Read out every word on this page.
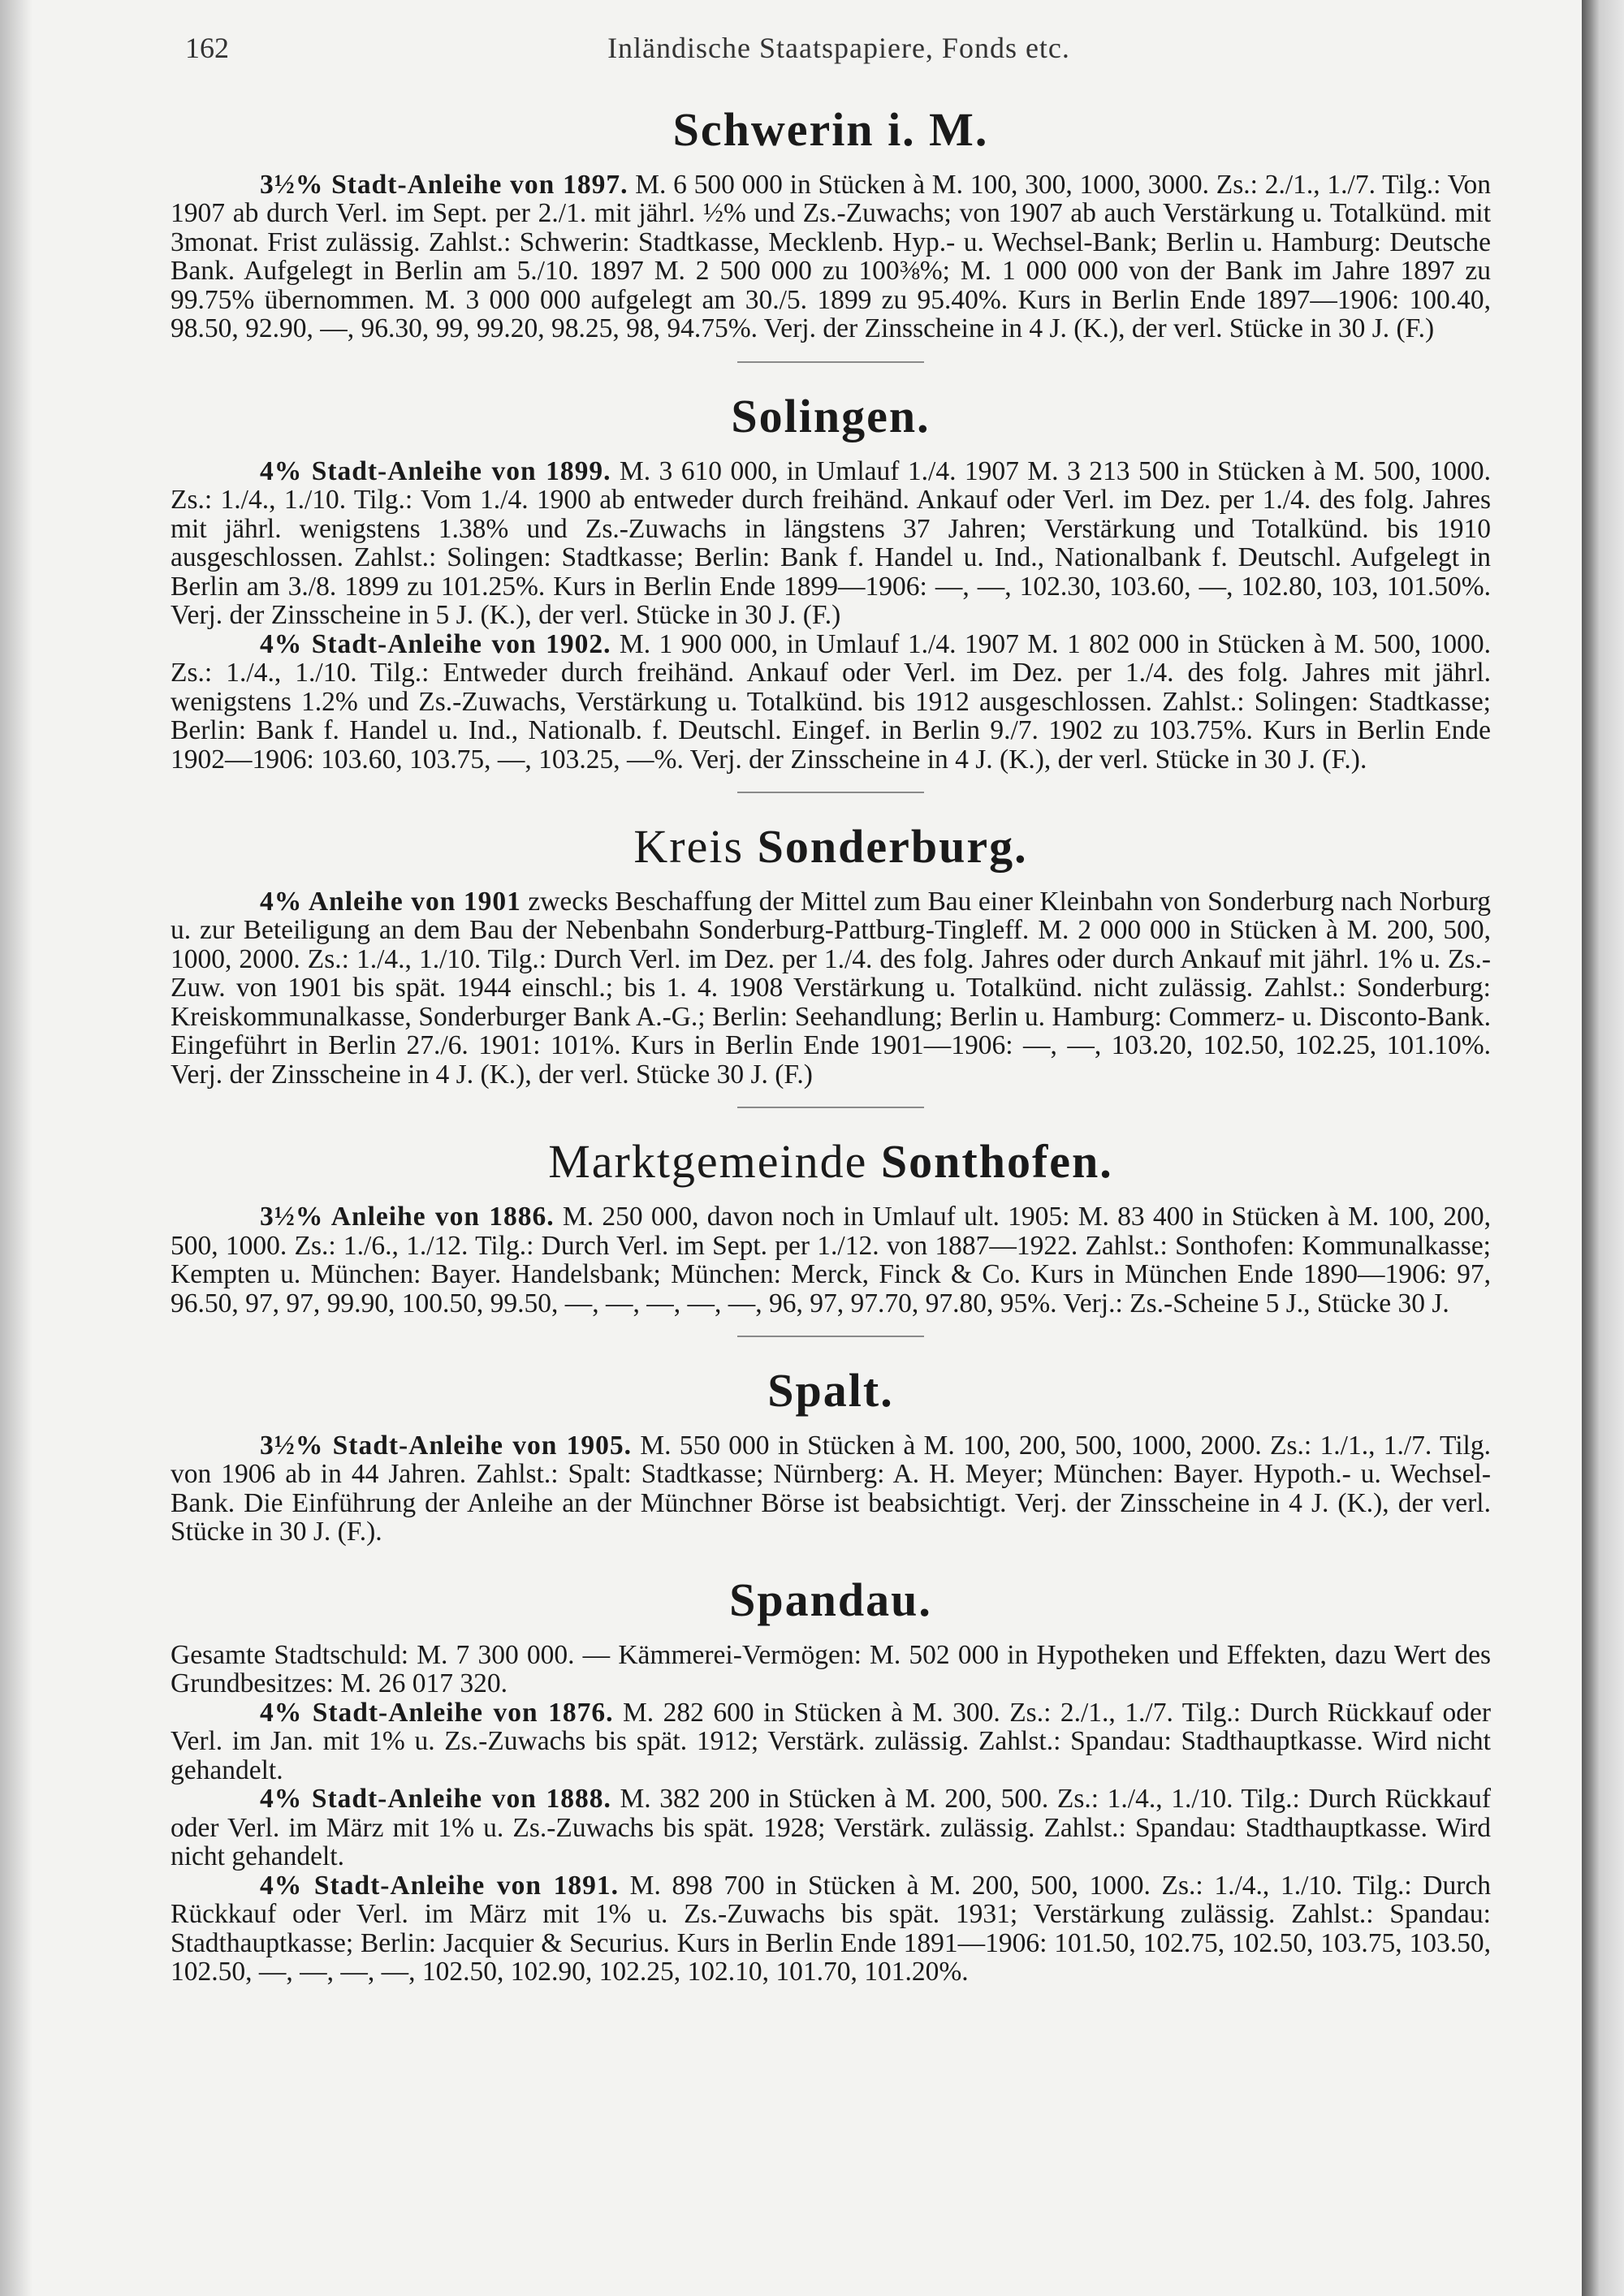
162	Inländische Staatspapiere, Fonds etc.
Schwerin i. M.

3½% Stadt-Anleihe von 1897. M. 6 500 000 in Stücken à M. 100, 300, 1000, 3000. Zs.: 2./1., 1./7. Tilg.: Von 1907 ab durch Verl. im Sept. per 2./1. mit jährl. ½% und Zs.-Zuwachs; von 1907 ab auch Verstärkung u. Totalkünd. mit 3monat. Frist zulässig. Zahlst.: Schwerin: Stadtkasse, Mecklenb. Hyp.- u. Wechsel-Bank; Berlin u. Hamburg: Deutsche Bank. Aufgelegt in Berlin am 5./10. 1897 M. 2 500 000 zu 100⅜%; M. 1 000 000 von der Bank im Jahre 1897 zu 99.75% übernommen. M. 3 000 000 aufgelegt am 30./5. 1899 zu 95.40%. Kurs in Berlin Ende 1897—1906: 100.40, 98.50, 92.90, —, 96.30, 99, 99.20, 98.25, 98, 94.75%. Verj. der Zinsscheine in 4 J. (K.), der verl. Stücke in 30 J. (F.)

Solingen.

4% Stadt-Anleihe von 1899. M. 3 610 000, in Umlauf 1./4. 1907 M. 3 213 500 in Stücken à M. 500, 1000. Zs.: 1./4., 1./10. Tilg.: Vom 1./4. 1900 ab entweder durch freihänd. Ankauf oder Verl. im Dez. per 1./4. des folg. Jahres mit jährl. wenigstens 1.38% und Zs.-Zuwachs in längstens 37 Jahren; Verstärkung und Totalkünd. bis 1910 ausgeschlossen. Zahlst.: Solingen: Stadtkasse; Berlin: Bank f. Handel u. Ind., Nationalbank f. Deutschl. Aufgelegt in Berlin am 3./8. 1899 zu 101.25%. Kurs in Berlin Ende 1899—1906: —, —, 102.30, 103.60, —, 102.80, 103, 101.50%. Verj. der Zinsscheine in 5 J. (K.), der verl. Stücke in 30 J. (F.)

4% Stadt-Anleihe von 1902. M. 1 900 000, in Umlauf 1./4. 1907 M. 1 802 000 in Stücken à M. 500, 1000. Zs.: 1./4., 1./10. Tilg.: Entweder durch freihänd. Ankauf oder Verl. im Dez. per 1./4. des folg. Jahres mit jährl. wenigstens 1.2% und Zs.-Zuwachs, Verstärkung u. Totalkünd. bis 1912 ausgeschlossen. Zahlst.: Solingen: Stadtkasse; Berlin: Bank f. Handel u. Ind., Nationalb. f. Deutschl. Eingef. in Berlin 9./7. 1902 zu 103.75%. Kurs in Berlin Ende 1902—1906: 103.60, 103.75, —, 103.25, —%. Verj. der Zinsscheine in 4 J. (K.), der verl. Stücke in 30 J. (F.).

Kreis Sonderburg.

4% Anleihe von 1901 zwecks Beschaffung der Mittel zum Bau einer Kleinbahn von Sonderburg nach Norburg u. zur Beteiligung an dem Bau der Nebenbahn Sonderburg-Pattburg-Tingleff. M. 2 000 000 in Stücken à M. 200, 500, 1000, 2000. Zs.: 1./4., 1./10. Tilg.: Durch Verl. im Dez. per 1./4. des folg. Jahres oder durch Ankauf mit jährl. 1% u. Zs.-Zuw. von 1901 bis spät. 1944 einschl.; bis 1. 4. 1908 Verstärkung u. Totalkünd. nicht zulässig. Zahlst.: Sonderburg: Kreiskommunalkasse, Sonderburger Bank A.-G.; Berlin: Seehandlung; Berlin u. Hamburg: Commerz- u. Disconto-Bank. Eingeführt in Berlin 27./6. 1901: 101%. Kurs in Berlin Ende 1901—1906: —, —, 103.20, 102.50, 102.25, 101.10%. Verj. der Zinsscheine in 4 J. (K.), der verl. Stücke 30 J. (F.)

Marktgemeinde Sonthofen.

3½% Anleihe von 1886. M. 250 000, davon noch in Umlauf ult. 1905: M. 83 400 in Stücken à M. 100, 200, 500, 1000. Zs.: 1./6., 1./12. Tilg.: Durch Verl. im Sept. per 1./12. von 1887—1922. Zahlst.: Sonthofen: Kommunalkasse; Kempten u. München: Bayer. Handelsbank; München: Merck, Finck & Co. Kurs in München Ende 1890—1906: 97, 96.50, 97, 97, 99.90, 100.50, 99.50, —, —, —, —, —, 96, 97, 97.70, 97.80, 95%. Verj.: Zs.-Scheine 5 J., Stücke 30 J.

Spalt.

3½% Stadt-Anleihe von 1905. M. 550 000 in Stücken à M. 100, 200, 500, 1000, 2000. Zs.: 1./1., 1./7. Tilg. von 1906 ab in 44 Jahren. Zahlst.: Spalt: Stadtkasse; Nürnberg: A. H. Meyer; München: Bayer. Hypoth.- u. Wechsel-Bank. Die Einführung der Anleihe an der Münchner Börse ist beabsichtigt. Verj. der Zinsscheine in 4 J. (K.), der verl. Stücke in 30 J. (F.).

Spandau.

Gesamte Stadtschuld: M. 7 300 000. — Kämmerei-Vermögen: M. 502 000 in Hypotheken und Effekten, dazu Wert des Grundbesitzes: M. 26 017 320.

4% Stadt-Anleihe von 1876. M. 282 600 in Stücken à M. 300. Zs.: 2./1., 1./7. Tilg.: Durch Rückkauf oder Verl. im Jan. mit 1% u. Zs.-Zuwachs bis spät. 1912; Verstärk. zulässig. Zahlst.: Spandau: Stadthauptkasse. Wird nicht gehandelt.

4% Stadt-Anleihe von 1888. M. 382 200 in Stücken à M. 200, 500. Zs.: 1./4., 1./10. Tilg.: Durch Rückkauf oder Verl. im März mit 1% u. Zs.-Zuwachs bis spät. 1928; Verstärk. zulässig. Zahlst.: Spandau: Stadthauptkasse. Wird nicht gehandelt.

4% Stadt-Anleihe von 1891. M. 898 700 in Stücken à M. 200, 500, 1000. Zs.: 1./4., 1./10. Tilg.: Durch Rückkauf oder Verl. im März mit 1% u. Zs.-Zuwachs bis spät. 1931; Verstärkung zulässig. Zahlst.: Spandau: Stadthauptkasse; Berlin: Jacquier & Securius. Kurs in Berlin Ende 1891—1906: 101.50, 102.75, 102.50, 103.75, 103.50, 102.50, —, —, —, —, 102.50, 102.90, 102.25, 102.10, 101.70, 101.20%.
